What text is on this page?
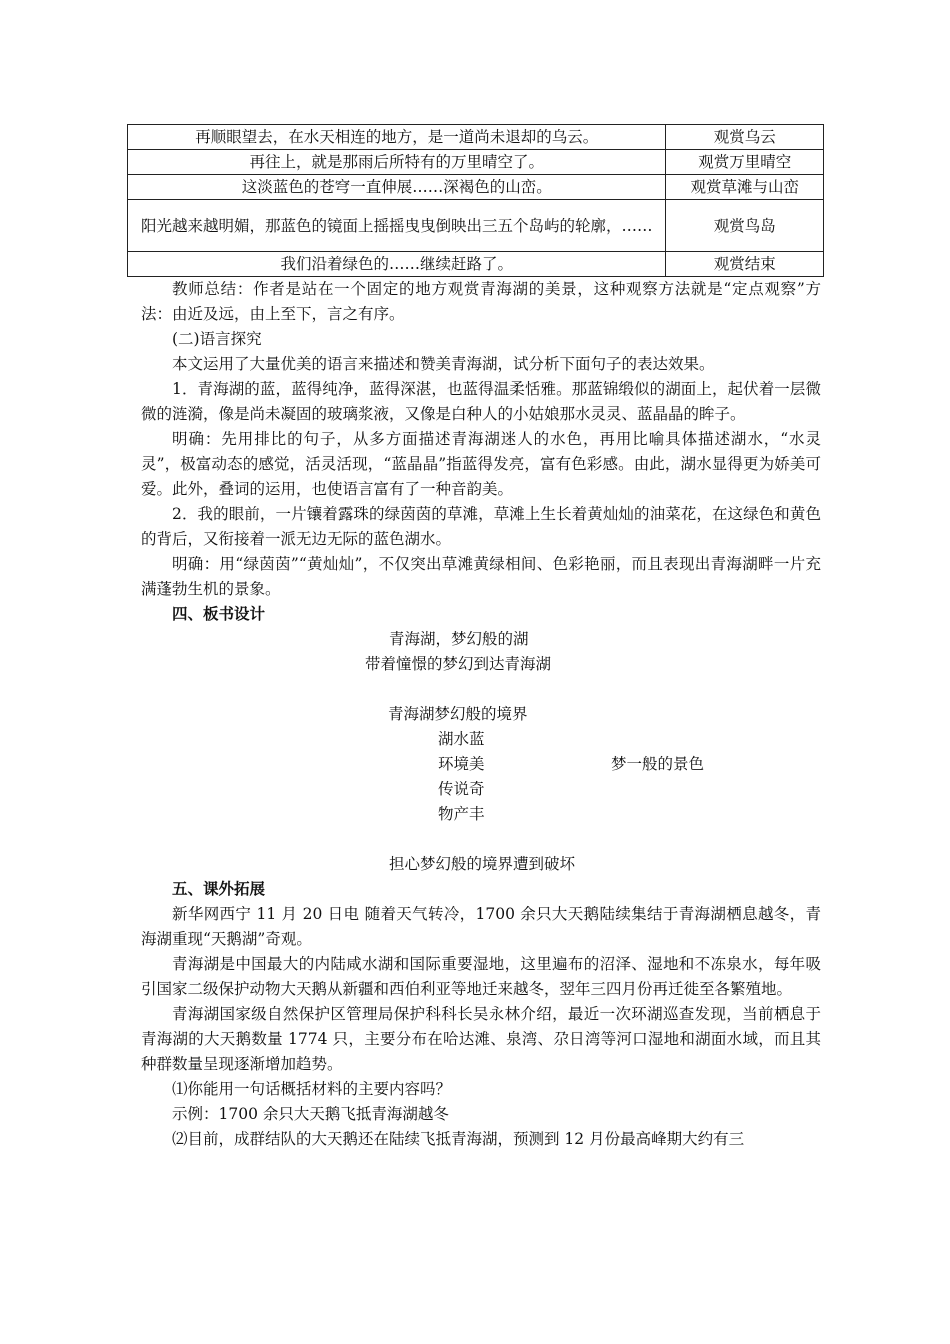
再顺眼望去，在水天相连的地方，是一道尚未退却的乌云。	观赏乌云
再往上，就是那雨后所特有的万里晴空了。	观赏万里晴空
这淡蓝色的苍穹一直伸展……深褐色的山峦。	观赏草滩与山峦
阳光越来越明媚，那蓝色的镜面上摇摇曳曳倒映出三五个岛屿的轮廓，……	观赏鸟岛
我们沿着绿色的……继续赶路了。	观赏结束

教师总结：作者是站在一个固定的地方观赏青海湖的美景，这种观察方法就是“定点观察”方法：由近及远，由上至下，言之有序。

(二)语言探究

本文运用了大量优美的语言来描述和赞美青海湖，试分析下面句子的表达效果。

1．青海湖的蓝，蓝得纯净，蓝得深湛，也蓝得温柔恬雅。那蓝锦缎似的湖面上，起伏着一层微微的涟漪，像是尚未凝固的玻璃浆液，又像是白种人的小姑娘那水灵灵、蓝晶晶的眸子。

明确：先用排比的句子，从多方面描述青海湖迷人的水色，再用比喻具体描述湖水，“水灵灵”，极富动态的感觉，活灵活现，“蓝晶晶”指蓝得发亮，富有色彩感。由此，湖水显得更为娇美可爱。此外，叠词的运用，也使语言富有了一种音韵美。

2．我的眼前，一片镶着露珠的绿茵茵的草滩，草滩上生长着黄灿灿的油菜花，在这绿色和黄色的背后，又衔接着一派无边无际的蓝色湖水。

明确：用“绿茵茵”“黄灿灿”，不仅突出草滩黄绿相间、色彩艳丽，而且表现出青海湖畔一片充满蓬勃生机的景象。

四、板书设计

青海湖，梦幻般的湖
带着憧憬的梦幻到达青海湖
青海湖梦幻般的境界
湖水蓝
环境美	梦一般的景色
传说奇
物产丰
担心梦幻般的境界遭到破坏

五、课外拓展

新华网西宁 11 月 20 日电 随着天气转冷，1700 余只大天鹅陆续集结于青海湖栖息越冬，青海湖重现“天鹅湖”奇观。

青海湖是中国最大的内陆咸水湖和国际重要湿地，这里遍布的沼泽、湿地和不冻泉水，每年吸引国家二级保护动物大天鹅从新疆和西伯利亚等地迁来越冬，翌年三四月份再迁徙至各繁殖地。

青海湖国家级自然保护区管理局保护科科长吴永林介绍，最近一次环湖巡查发现，当前栖息于青海湖的大天鹅数量 1774 只，主要分布在哈达滩、泉湾、尕日湾等河口湿地和湖面水域，而且其种群数量呈现逐渐增加趋势。

⑴你能用一句话概括材料的主要内容吗？

示例：1700 余只大天鹅飞抵青海湖越冬

⑵目前，成群结队的大天鹅还在陆续飞抵青海湖，预测到 12 月份最高峰期大约有三
